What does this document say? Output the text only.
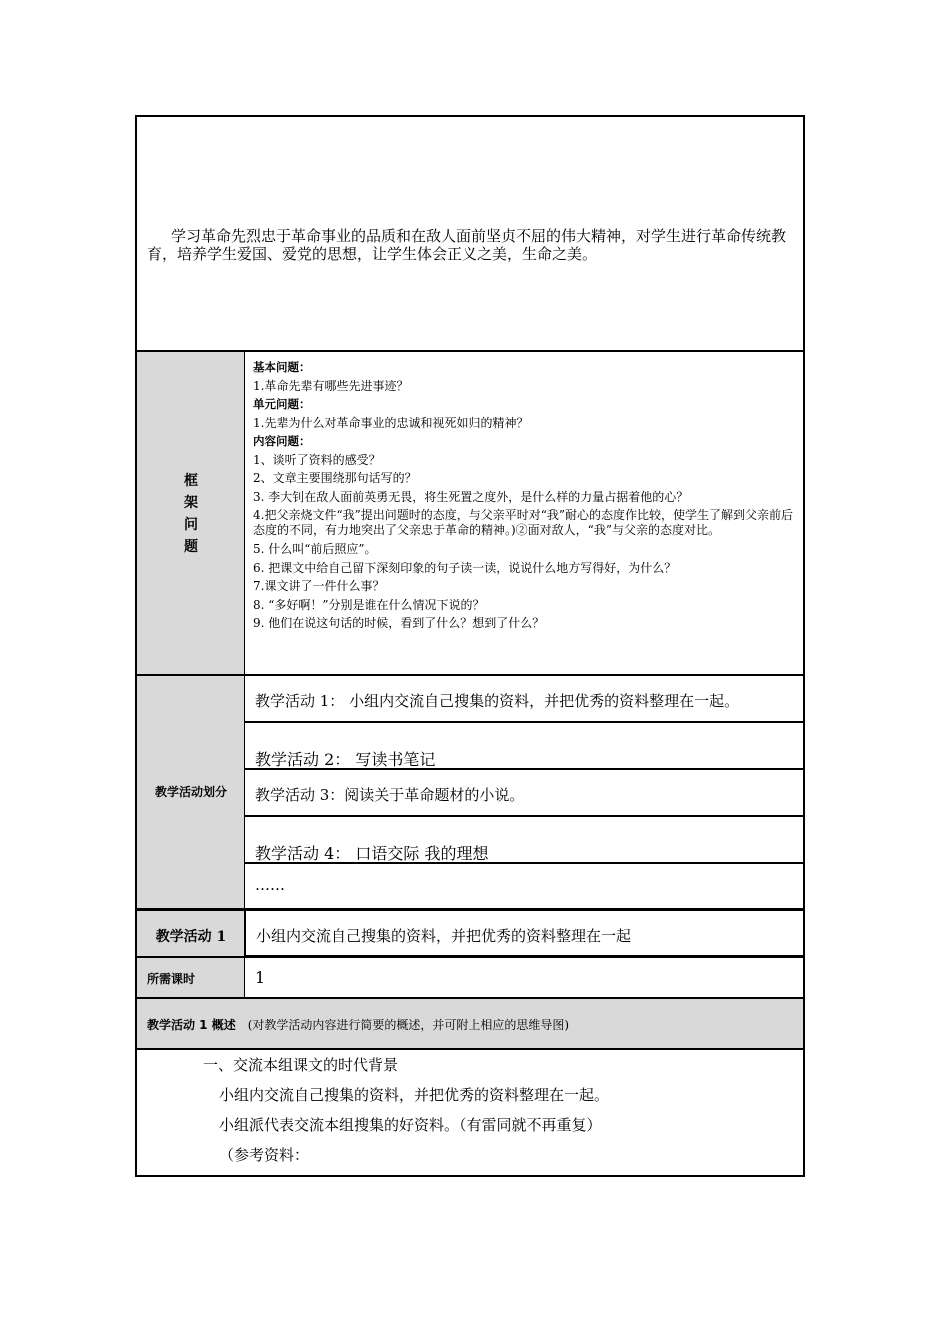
学习革命先烈忠于革命事业的品质和在敌人面前坚贞不屈的伟大精神，对学生进行革命传统教育，培养学生爱国、爱党的思想，让学生体会正义之美，生命之美。

框
架
问
题
基本问题：
1.革命先辈有哪些先进事迹？
单元问题：
1.先辈为什么对革命事业的忠诚和视死如归的精神？
内容问题：
1、谈听了资料的感受？
2、文章主要围绕那句话写的？
3. 李大钊在敌人面前英勇无畏，将生死置之度外，是什么样的力量占据着他的心？
4.把父亲烧文件“我”提出问题时的态度，与父亲平时对“我”耐心的态度作比较，使学生了解到父亲前后态度的不同，有力地突出了父亲忠于革命的精神。)②面对敌人，“我”与父亲的态度对比。
5. 什么叫“前后照应”。
6. 把课文中给自己留下深刻印象的句子读一读，说说什么地方写得好，为什么？
7.课文讲了一件什么事？
8. “多好啊！”分别是谁在什么情况下说的？
9. 他们在说这句话的时候，看到了什么？想到了什么？
教学活动划分
教学活动 1： 小组内交流自己搜集的资料，并把优秀的资料整理在一起。
教学活动 2： 写读书笔记
教学活动 3：阅读关于革命题材的小说。
教学活动 4： 口语交际 我的理想
……
教学活动 1	小组内交流自己搜集的资料，并把优秀的资料整理在一起
所需课时	1
教学活动 1 概述 (对教学活动内容进行简要的概述，并可附上相应的思维导图)
一、交流本组课文的时代背景
小组内交流自己搜集的资料，并把优秀的资料整理在一起。
小组派代表交流本组搜集的好资料。（有雷同就不再重复）
（参考资料：
